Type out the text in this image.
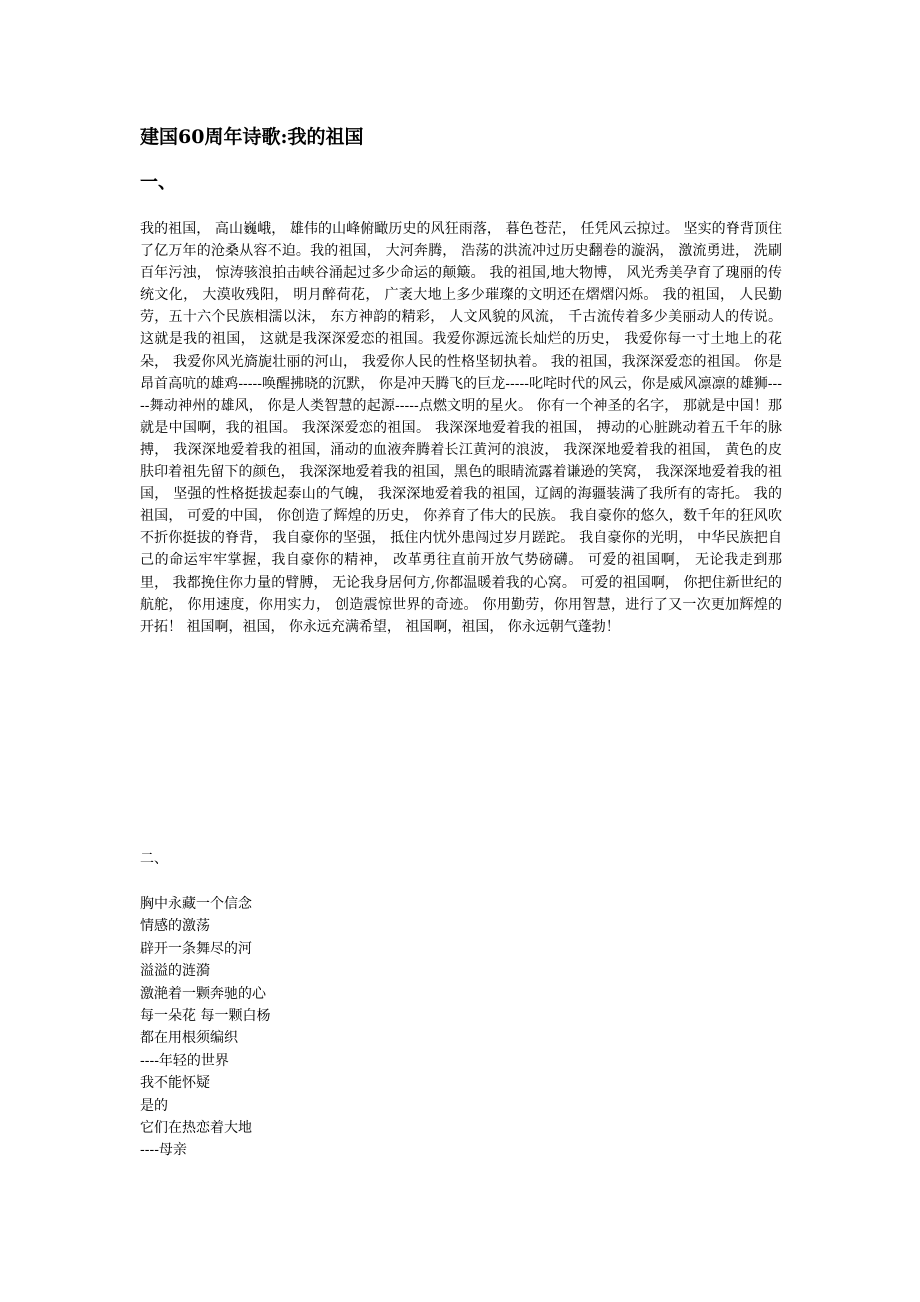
建国60周年诗歌:我的祖国
一、

我的祖国， 高山巍峨， 雄伟的山峰俯瞰历史的风狂雨落， 暮色苍茫， 任凭风云掠过。 坚实的脊背顶住了亿万年的沧桑从容不迫。我的祖国， 大河奔腾， 浩荡的洪流冲过历史翻卷的漩涡， 激流勇进， 洗刷百年污浊， 惊涛骇浪拍击峡谷涌起过多少命运的颠簸。 我的祖国,地大物博， 风光秀美孕育了瑰丽的传统文化， 大漠收残阳， 明月醉荷花， 广袤大地上多少璀璨的文明还在熠熠闪烁。 我的祖国， 人民勤劳，五十六个民族相濡以沫， 东方神韵的精彩， 人文风貌的风流， 千古流传着多少美丽动人的传说。 这就是我的祖国， 这就是我深深爱恋的祖国。我爱你源远流长灿烂的历史， 我爱你每一寸土地上的花朵， 我爱你风光旖旎壮丽的河山， 我爱你人民的性格坚韧执着。 我的祖国，我深深爱恋的祖国。 你是昂首高吭的雄鸡-----唤醒拂晓的沉默， 你是冲天腾飞的巨龙-----叱咤时代的风云，你是威风凛凛的雄狮-----舞动神州的雄风， 你是人类智慧的起源-----点燃文明的星火。 你有一个神圣的名字， 那就是中国！那就是中国啊，我的祖国。 我深深爱恋的祖国。 我深深地爱着我的祖国， 搏动的心脏跳动着五千年的脉搏， 我深深地爱着我的祖国，涌动的血液奔腾着长江黄河的浪波， 我深深地爱着我的祖国， 黄色的皮肤印着祖先留下的颜色， 我深深地爱着我的祖国，黑色的眼睛流露着谦逊的笑窝， 我深深地爱着我的祖国， 坚强的性格挺拔起泰山的气魄， 我深深地爱着我的祖国，辽阔的海疆装满了我所有的寄托。 我的祖国， 可爱的中国， 你创造了辉煌的历史， 你养育了伟大的民族。 我自豪你的悠久，数千年的狂风吹不折你挺拔的脊背， 我自豪你的坚强， 抵住内忧外患闯过岁月蹉跎。 我自豪你的光明， 中华民族把自己的命运牢牢掌握，我自豪你的精神， 改革勇往直前开放气势磅礴。 可爱的祖国啊， 无论我走到那里， 我都挽住你力量的臂膊， 无论我身居何方,你都温暖着我的心窝。 可爱的祖国啊， 你把住新世纪的航舵， 你用速度，你用实力， 创造震惊世界的奇迹。 你用勤劳，你用智慧，进行了又一次更加辉煌的开拓！ 祖国啊，祖国， 你永远充满希望， 祖国啊，祖国， 你永远朝气蓬勃！

二、
胸中永藏一个信念
情感的激荡
辟开一条舞尽的河
溢溢的涟漪
激滟着一颗奔驰的心
每一朵花 每一颗白杨
都在用根须编织
----年轻的世界
我不能怀疑
是的
它们在热恋着大地
----母亲
